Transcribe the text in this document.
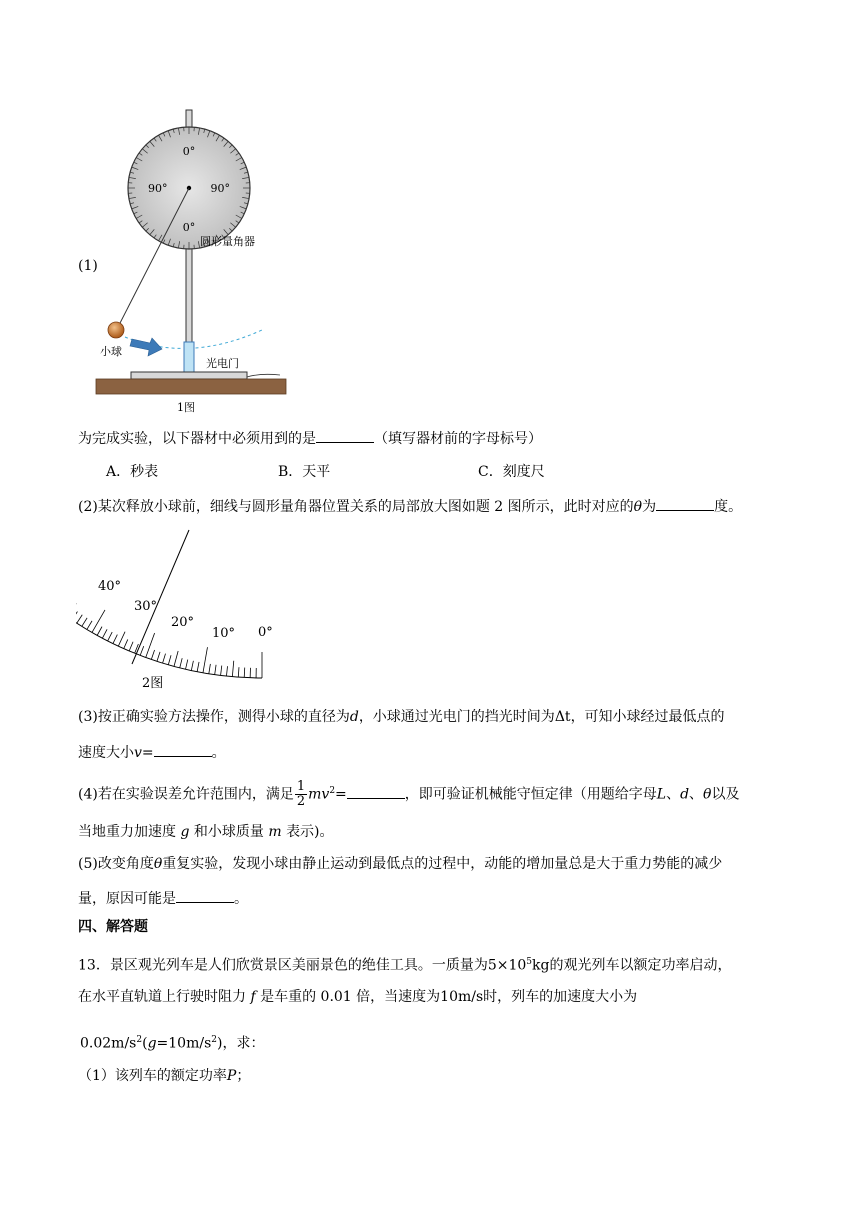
(1)
0°
0°
90°	90°
圆形量角器
小球
光电门
1图
为完成实验，以下器材中必须用到的是	（填写器材前的字母标号）
A．秒表	B．天平	C．刻度尺
(2)某次释放小球前，细线与圆形量角器位置关系的局部放大图如题 2 图所示，此时对应的θ为	度。
40°
30°
20°
10° 0°
2图
(3)按正确实验方法操作，测得小球的直径为d，小球通过光电门的挡光时间为Δt，可知小球经过最低点的
速度大小v=	。
(4)若在实验误差允许范围内，满足 $\frac{1}{2} mv^2=$	，即可验证机械能守恒定律（用题给字母L、d、θ以及
当地重力加速度 g 和小球质量 m 表示)。
(5)改变角度θ重复实验，发现小球由静止运动到最低点的过程中，动能的增加量总是大于重力势能的减少
量，原因可能是	。
四、解答题
13．景区观光列车是人们欣赏景区美丽景色的绝佳工具。一质量为$5\times 10^5kg$的观光列车以额定功率启动，
在水平直轨道上行驶时阻力 f 是车重的 0.01 倍，当速度为10m/s时，列车的加速度大小为
$0.02m/s^2(g=10m/s^2)$，求：
（1）该列车的额定功率P；
